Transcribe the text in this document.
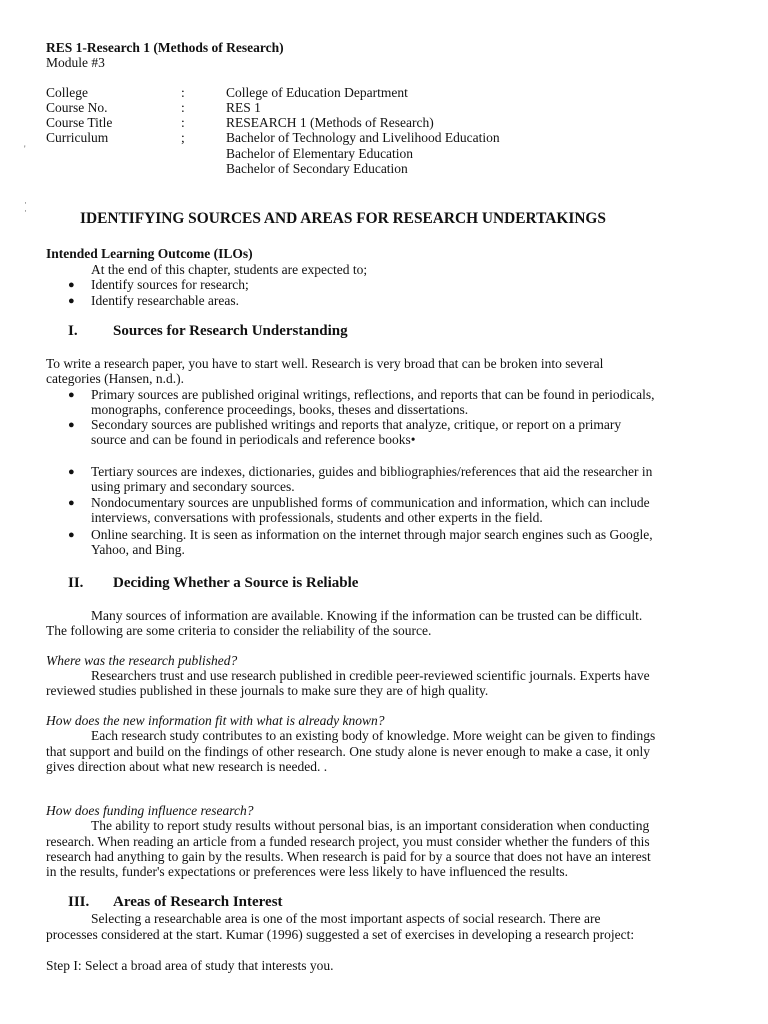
RES 1-Research 1 (Methods of Research)
Module #3
College	:	College of Education Department
Course No.	:	RES 1
Course Title	:	RESEARCH 1 (Methods of Research)
Curriculum	;	Bachelor of Technology and Livelihood Education
Bachelor of Elementary Education
Bachelor of Secondary Education
'
·
·	IDENTIFYING SOURCES AND AREAS FOR RESEARCH UNDERTAKINGS
Intended Learning Outcome (ILOs)
At the end of this chapter, students are expected to;
● Identify sources for research;
● Identify researchable areas.
I. Sources for Research Understanding
To write a research paper, you have to start well. Research is very broad that can be broken into several
categories (Hansen, n.d.).
● Primary sources are published original writings, reflections, and reports that can be found in periodicals,
monographs, conference proceedings, books, theses and dissertations.
● Secondary sources are published writings and reports that analyze, critique, or report on a primary
source and can be found in periodicals and reference books•
● Tertiary sources are indexes, dictionaries, guides and bibliographies/references that aid the researcher in
using primary and secondary sources.
● Nondocumentary sources are unpublished forms of communication and information, which can include
interviews, conversations with professionals, students and other experts in the field.
● Online searching. It is seen as information on the internet through major search engines such as Google,
Yahoo, and Bing.
II. Deciding Whether a Source is Reliable
Many sources of information are available. Knowing if the information can be trusted can be difficult.
The following are some criteria to consider the reliability of the source.
Where was the research published?
Researchers trust and use research published in credible peer-reviewed scientific journals. Experts have
reviewed studies published in these journals to make sure they are of high quality.
How does the new information fit with what is already known?
Each research study contributes to an existing body of knowledge. More weight can be given to findings
that support and build on the findings of other research. One study alone is never enough to make a case, it only
gives direction about what new research is needed. .
How does funding influence research?
The ability to report study results without personal bias, is an important consideration when conducting
research. When reading an article from a funded research project, you must consider whether the funders of this
research had anything to gain by the results. When research is paid for by a source that does not have an interest
in the results, funder's expectations or preferences were less likely to have influenced the results.
III. Areas of Research Interest
Selecting a researchable area is one of the most important aspects of social research. There are
processes considered at the start. Kumar (1996) suggested a set of exercises in developing a research project:
Step I: Select a broad area of study that interests you.
